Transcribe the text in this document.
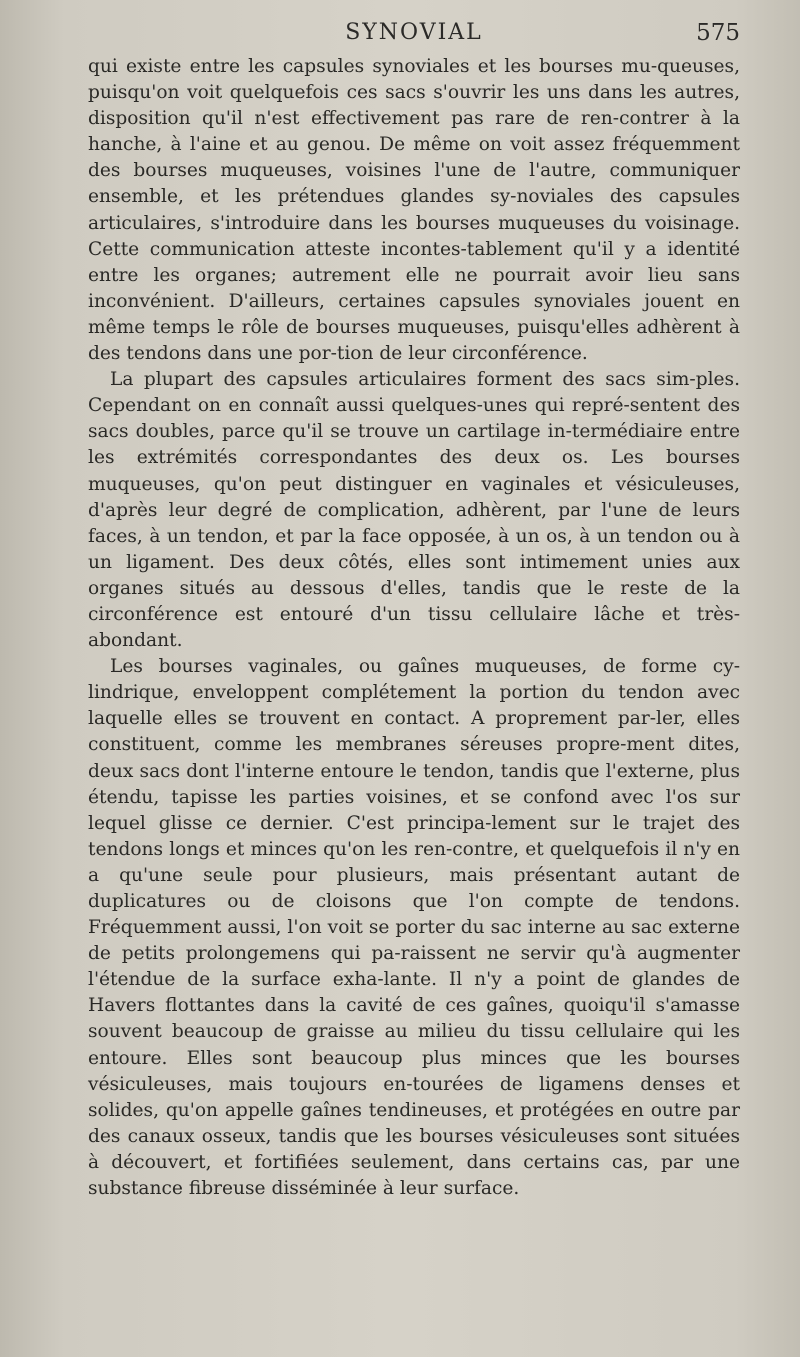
SYNOVIAL	575

qui existe entre les capsules synoviales et les bourses mu-queuses, puisqu'on voit quelquefois ces sacs s'ouvrir les uns dans les autres, disposition qu'il n'est effectivement pas rare de ren-contrer à la hanche, à l'aine et au genou. De même on voit assez fréquemment des bourses muqueuses, voisines l'une de l'autre, communiquer ensemble, et les prétendues glandes sy-noviales des capsules articulaires, s'introduire dans les bourses muqueuses du voisinage. Cette communication atteste incontes-tablement qu'il y a identité entre les organes; autrement elle ne pourrait avoir lieu sans inconvénient. D'ailleurs, certaines capsules synoviales jouent en même temps le rôle de bourses muqueuses, puisqu'elles adhèrent à des tendons dans une por-tion de leur circonférence.

La plupart des capsules articulaires forment des sacs sim-ples. Cependant on en connaît aussi quelques-unes qui repré-sentent des sacs doubles, parce qu'il se trouve un cartilage in-termédiaire entre les extrémités correspondantes des deux os. Les bourses muqueuses, qu'on peut distinguer en vaginales et vésiculeuses, d'après leur degré de complication, adhèrent, par l'une de leurs faces, à un tendon, et par la face opposée, à un os, à un tendon ou à un ligament. Des deux côtés, elles sont intimement unies aux organes situés au dessous d'elles, tandis que le reste de la circonférence est entouré d'un tissu cellulaire lâche et très-abondant.

Les bourses vaginales, ou gaînes muqueuses, de forme cy-lindrique, enveloppent complétement la portion du tendon avec laquelle elles se trouvent en contact. A proprement par-ler, elles constituent, comme les membranes séreuses propre-ment dites, deux sacs dont l'interne entoure le tendon, tandis que l'externe, plus étendu, tapisse les parties voisines, et se confond avec l'os sur lequel glisse ce dernier. C'est principa-lement sur le trajet des tendons longs et minces qu'on les ren-contre, et quelquefois il n'y en a qu'une seule pour plusieurs, mais présentant autant de duplicatures ou de cloisons que l'on compte de tendons. Fréquemment aussi, l'on voit se porter du sac interne au sac externe de petits prolongemens qui pa-raissent ne servir qu'à augmenter l'étendue de la surface exha-lante. Il n'y a point de glandes de Havers flottantes dans la cavité de ces gaînes, quoiqu'il s'amasse souvent beaucoup de graisse au milieu du tissu cellulaire qui les entoure. Elles sont beaucoup plus minces que les bourses vésiculeuses, mais toujours en-tourées de ligamens denses et solides, qu'on appelle gaînes tendineuses, et protégées en outre par des canaux osseux, tandis que les bourses vésiculeuses sont situées à découvert, et fortifiées seulement, dans certains cas, par une substance fibreuse disséminée à leur surface.
